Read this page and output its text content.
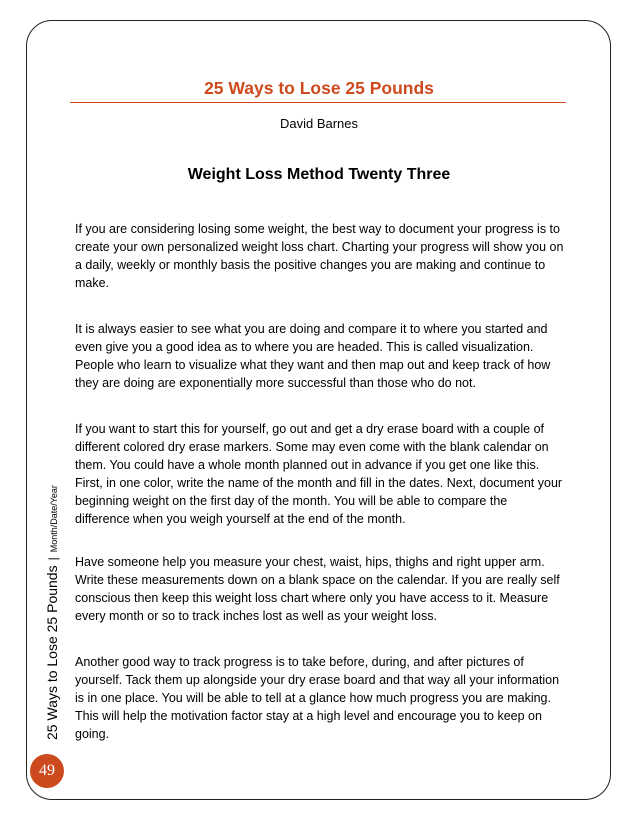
25 Ways to Lose 25 Pounds
David Barnes
Weight Loss Method Twenty Three
If you are considering losing some weight, the best way to document your progress is to create your own personalized weight loss chart. Charting your progress will show you on a daily, weekly or monthly basis the positive changes you are making and continue to make.
It is always easier to see what you are doing and compare it to where you started and even give you a good idea as to where you are headed. This is called visualization. People who learn to visualize what they want and then map out and keep track of how they are doing are exponentially more successful than those who do not.
If you want to start this for yourself, go out and get a dry erase board with a couple of different colored dry erase markers. Some may even come with the blank calendar on them. You could have a whole month planned out in advance if you get one like this. First, in one color, write the name of the month and fill in the dates. Next, document your beginning weight on the first day of the month. You will be able to compare the difference when you weigh yourself at the end of the month.
Have someone help you measure your chest, waist, hips, thighs and right upper arm. Write these measurements down on a blank space on the calendar. If you are really self conscious then keep this weight loss chart where only you have access to it. Measure every month or so to track inches lost as well as your weight loss.
Another good way to track progress is to take before, during, and after pictures of yourself. Tack them up alongside your dry erase board and that way all your information is in one place. You will be able to tell at a glance how much progress you are making. This will help the motivation factor stay at a high level and encourage you to keep on going.
25 Ways to Lose 25 Pounds
|
Month/Date/Year
49
